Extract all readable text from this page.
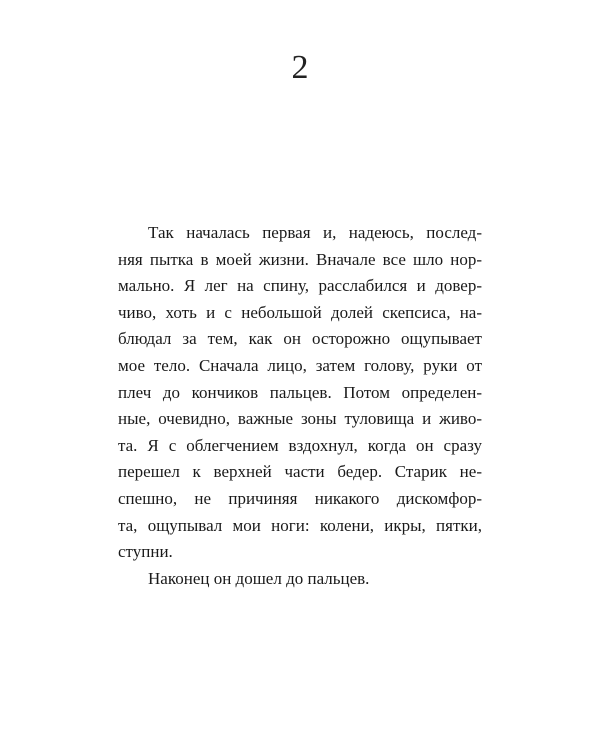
2
Так началась первая и, надеюсь, послед-
няя пытка в моей жизни. Вначале все шло нор-
мально. Я лег на спину, расслабился и довер-
чиво, хоть и с небольшой долей скепсиса, на-
блюдал за тем, как он осторожно ощупывает
мое тело. Сначала лицо, затем голову, руки от
плеч до кончиков пальцев. Потом определен-
ные, очевидно, важные зоны туловища и живо-
та. Я с облегчением вздохнул, когда он сразу
перешел к верхней части бедер. Старик не-
спешно, не причиняя никакого дискомфор-
та, ощупывал мои ноги: колени, икры, пятки,
ступни.
Наконец он дошел до пальцев.
